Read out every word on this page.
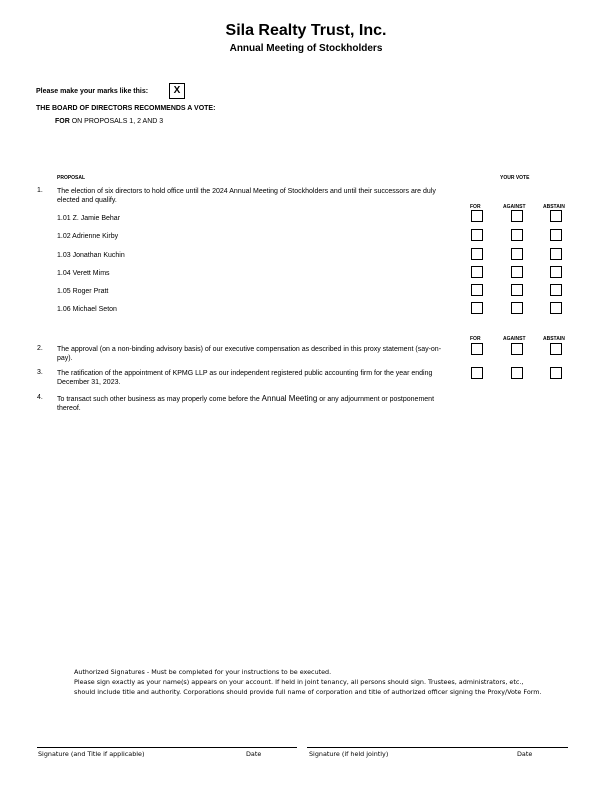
Sila Realty Trust, Inc.
Annual Meeting of Stockholders
Please make your marks like this:	X
THE BOARD OF DIRECTORS RECOMMENDS A VOTE:
FOR ON PROPOSALS 1, 2 AND 3
PROPOSAL	YOUR VOTE
1. The election of six directors to hold office until the 2024 Annual Meeting of Stockholders and until their successors are duly elected and qualify.
FOR	AGAINST	ABSTAIN
1.01 Z. Jamie Behar
1.02 Adrienne Kirby
1.03 Jonathan Kuchin
1.04 Verett Mims
1.05 Roger Pratt
1.06 Michael Seton
FOR	AGAINST	ABSTAIN
2. The approval (on a non-binding advisory basis) of our executive compensation as described in this proxy statement (say-on-pay).
3. The ratification of the appointment of KPMG LLP as our independent registered public accounting firm for the year ending December 31, 2023.
4. To transact such other business as may properly come before the Annual Meeting or any adjournment or postponement thereof.
Authorized Signatures - Must be completed for your instructions to be executed.
Please sign exactly as your name(s) appears on your account. If held in joint tenancy, all persons should sign. Trustees, administrators, etc., should include title and authority. Corporations should provide full name of corporation and title of authorized officer signing the Proxy/Vote Form.
Signature (and Title if applicable)	Date	Signature (if held jointly)	Date
